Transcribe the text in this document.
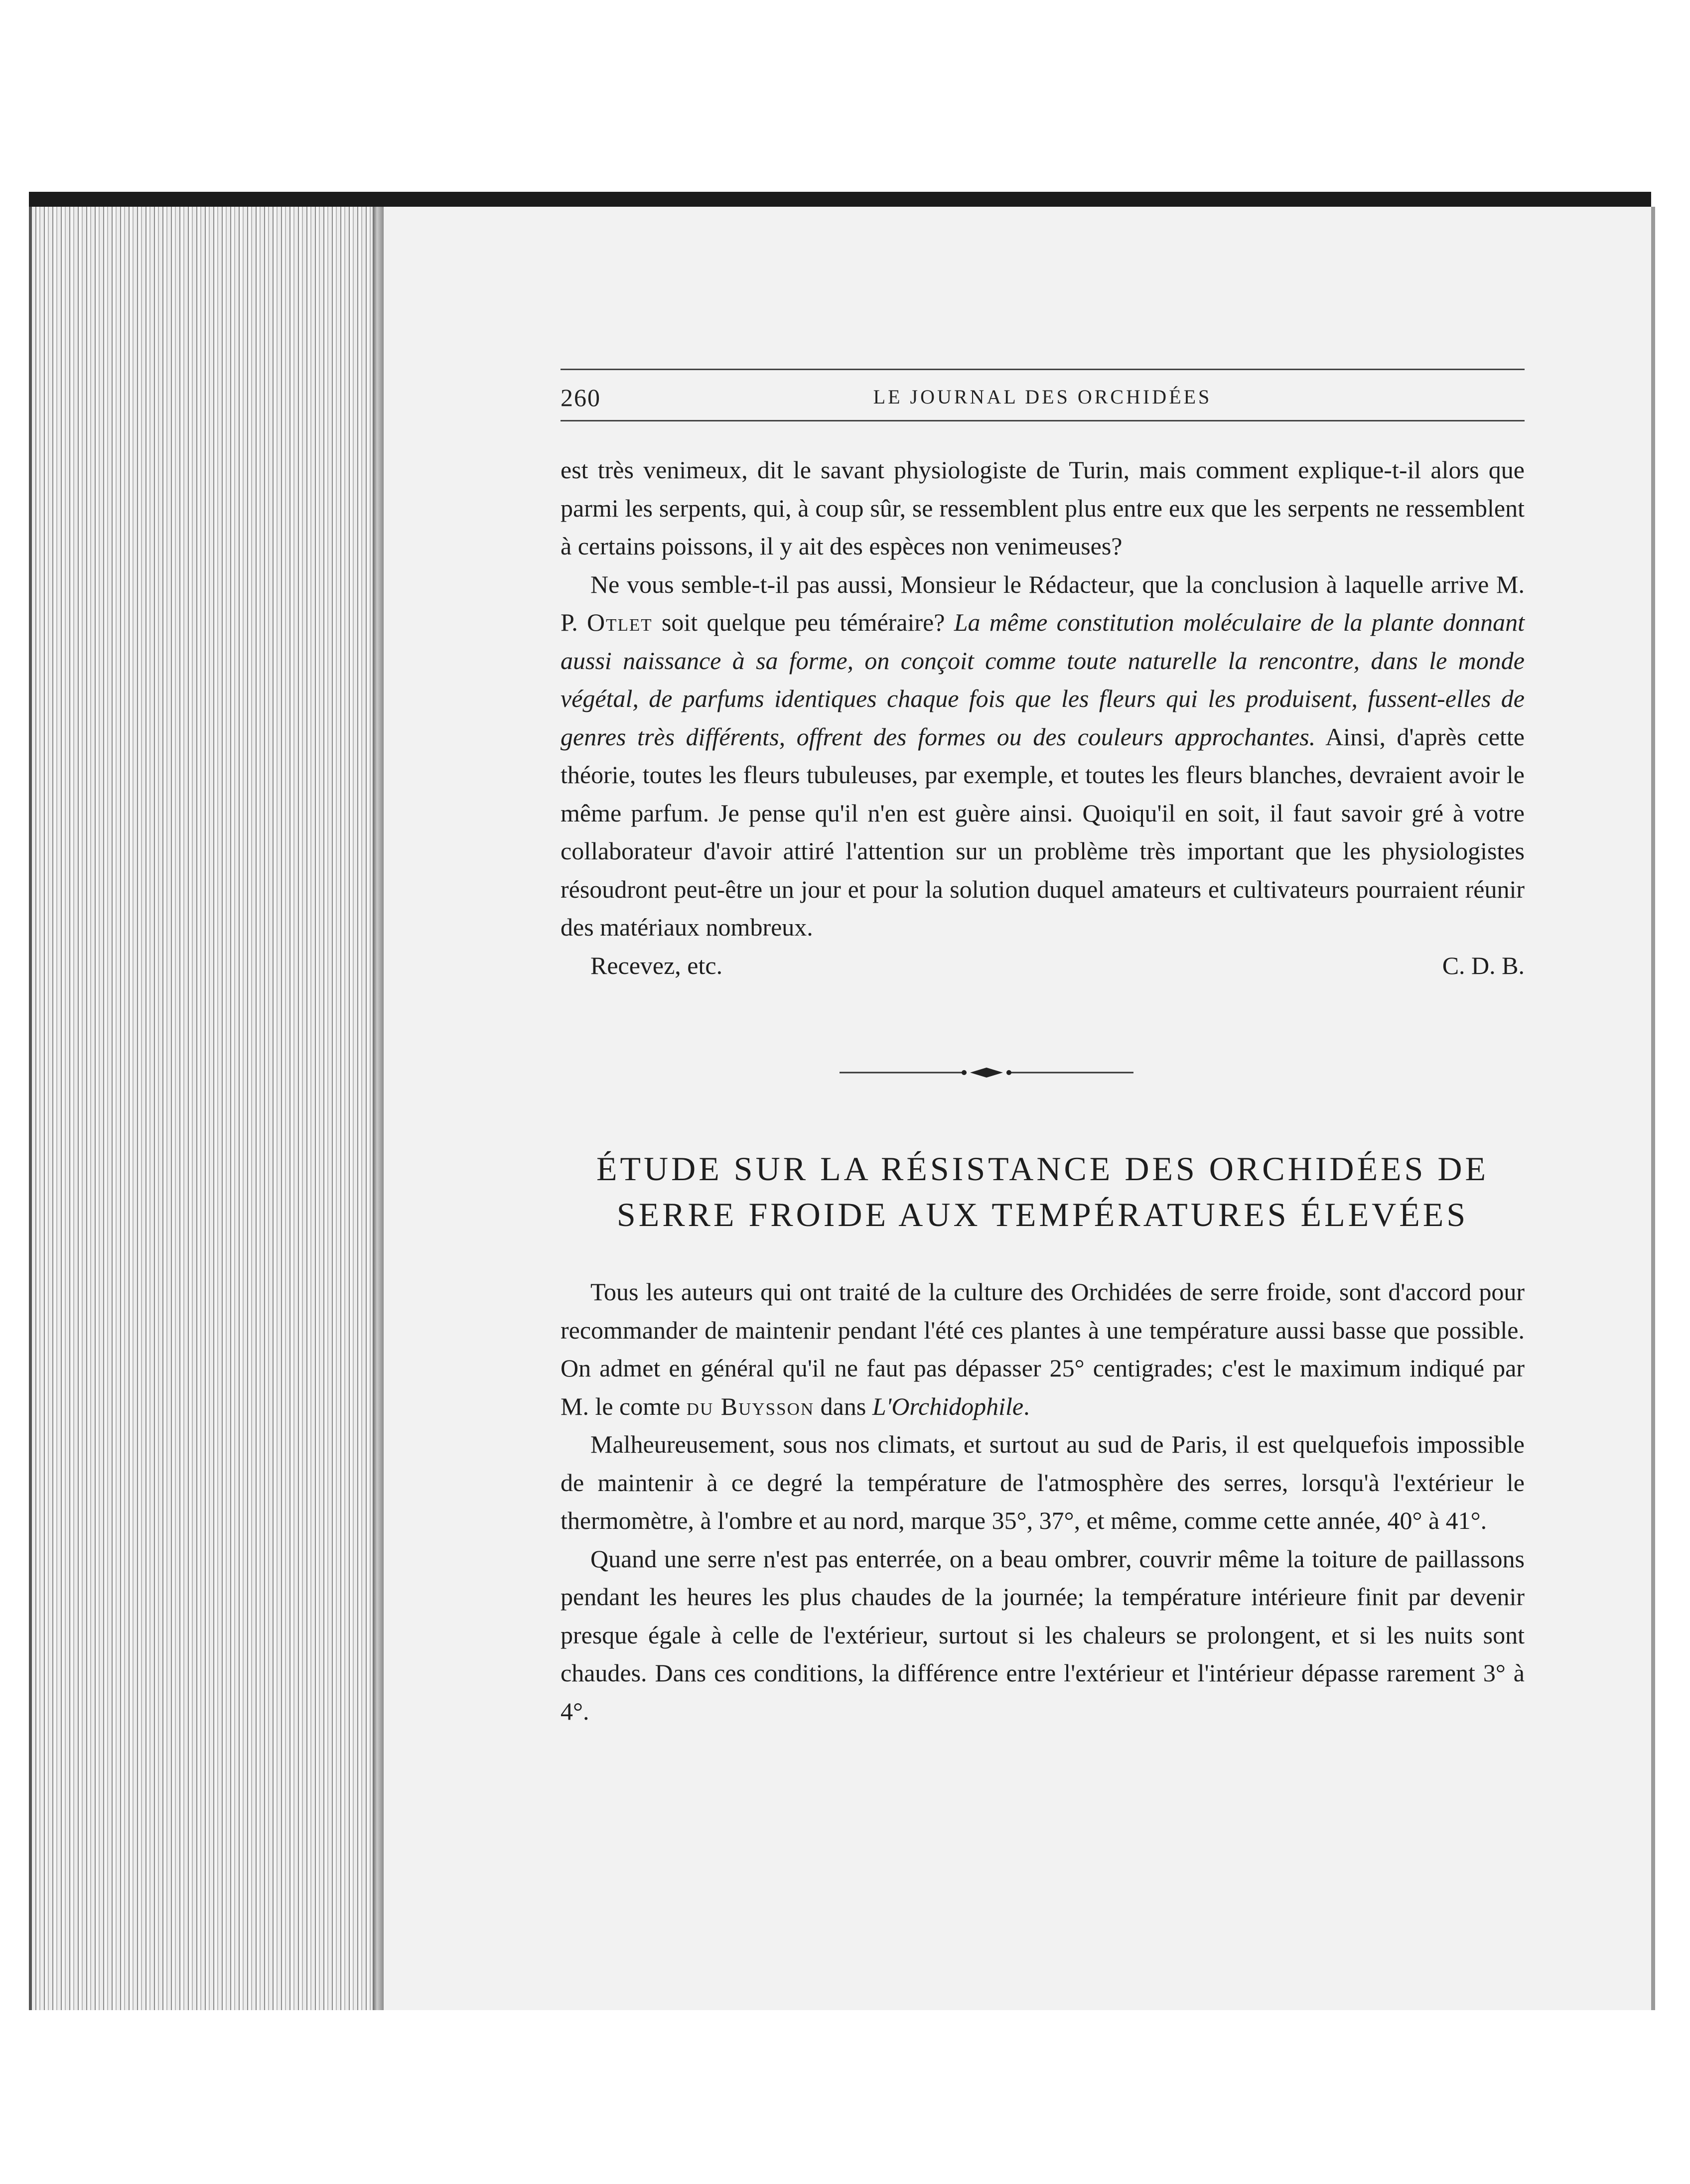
260	LE JOURNAL DES ORCHIDÉES

est très venimeux, dit le savant physiologiste de Turin, mais comment explique-t-il alors que parmi les serpents, qui, à coup sûr, se ressemblent plus entre eux que les serpents ne ressemblent à certains poissons, il y ait des espèces non venimeuses?

Ne vous semble-t-il pas aussi, Monsieur le Rédacteur, que la conclusion à laquelle arrive M. P. Otlet soit quelque peu téméraire? La même constitution moléculaire de la plante donnant aussi naissance à sa forme, on conçoit comme toute naturelle la rencontre, dans le monde végétal, de parfums identiques chaque fois que les fleurs qui les produisent, fussent-elles de genres très différents, offrent des formes ou des couleurs approchantes. Ainsi, d'après cette théorie, toutes les fleurs tubuleuses, par exemple, et toutes les fleurs blanches, devraient avoir le même parfum. Je pense qu'il n'en est guère ainsi. Quoiqu'il en soit, il faut savoir gré à votre collaborateur d'avoir attiré l'attention sur un problème très important que les physiologistes résoudront peut-être un jour et pour la solution duquel amateurs et cultivateurs pourraient réunir des matériaux nombreux.

Recevez, etc.	C. D. B.
ÉTUDE SUR LA RÉSISTANCE DES ORCHIDÉES DE
SERRE FROIDE AUX TEMPÉRATURES ÉLEVÉES

Tous les auteurs qui ont traité de la culture des Orchidées de serre froide, sont d'accord pour recommander de maintenir pendant l'été ces plantes à une température aussi basse que possible. On admet en général qu'il ne faut pas dépasser 25° centigrades; c'est le maximum indiqué par M. le comte du Buysson dans L'Orchidophile.

Malheureusement, sous nos climats, et surtout au sud de Paris, il est quelquefois impossible de maintenir à ce degré la température de l'atmosphère des serres, lorsqu'à l'extérieur le thermomètre, à l'ombre et au nord, marque 35°, 37°, et même, comme cette année, 40° à 41°.

Quand une serre n'est pas enterrée, on a beau ombrer, couvrir même la toiture de paillassons pendant les heures les plus chaudes de la journée; la température intérieure finit par devenir presque égale à celle de l'extérieur, surtout si les chaleurs se prolongent, et si les nuits sont chaudes. Dans ces conditions, la différence entre l'extérieur et l'intérieur dépasse rarement 3° à 4°.
